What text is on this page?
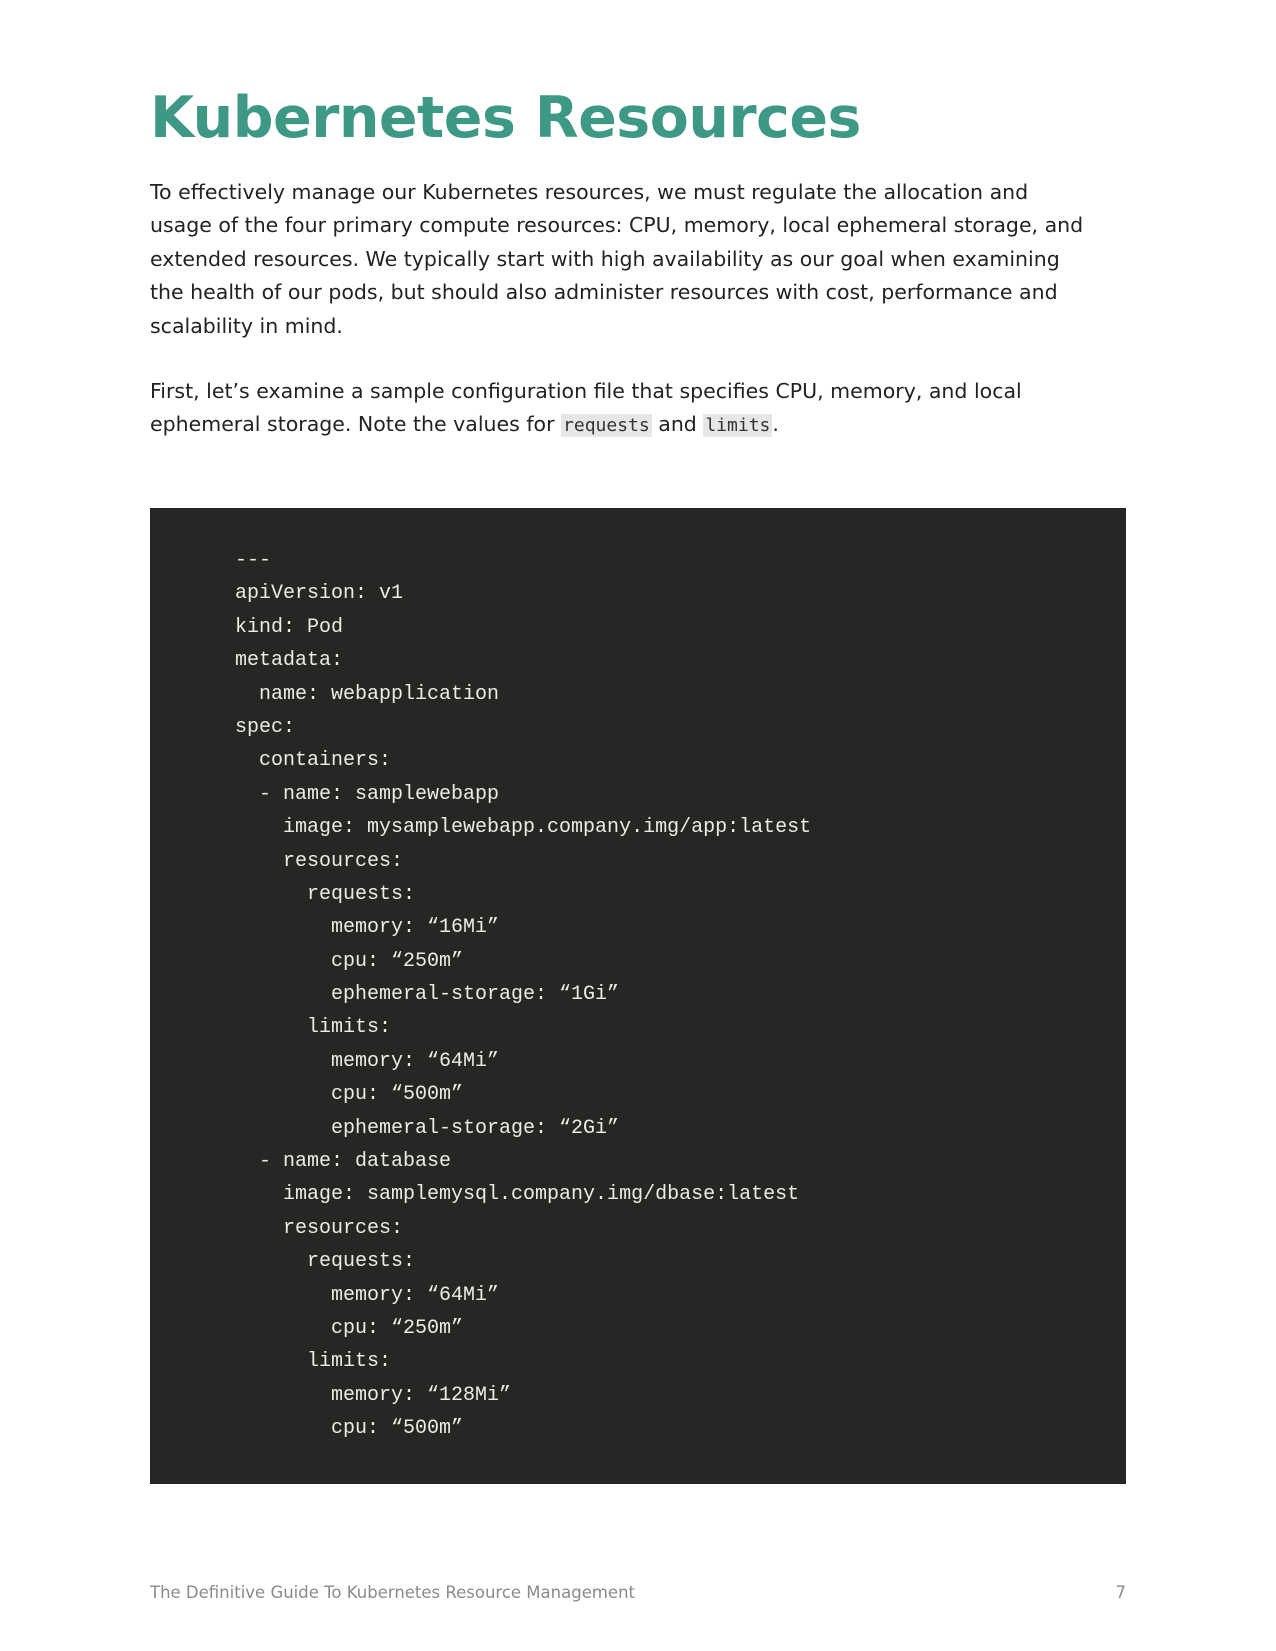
Kubernetes Resources

To effectively manage our Kubernetes resources, we must regulate the allocation and
usage of the four primary compute resources: CPU, memory, local ephemeral storage, and
extended resources. We typically start with high availability as our goal when examining
the health of our pods, but should also administer resources with cost, performance and
scalability in mind.

First, let’s examine a sample configuration file that specifies CPU, memory, and local
ephemeral storage. Note the values for requests and limits.

---
apiVersion: v1
kind: Pod
metadata:
name: webapplication
spec:
containers:
- name: samplewebapp
image: mysamplewebapp.company.img/app:latest
resources:
requests:
memory: “16Mi”
cpu: “250m”
ephemeral-storage: “1Gi”
limits:
memory: “64Mi”
cpu: “500m”
ephemeral-storage: “2Gi”
- name: database
image: samplemysql.company.img/dbase:latest
resources:
requests:
memory: “64Mi”
cpu: “250m”
limits:
memory: “128Mi”
cpu: “500m”
The Definitive Guide To Kubernetes Resource Management	7
